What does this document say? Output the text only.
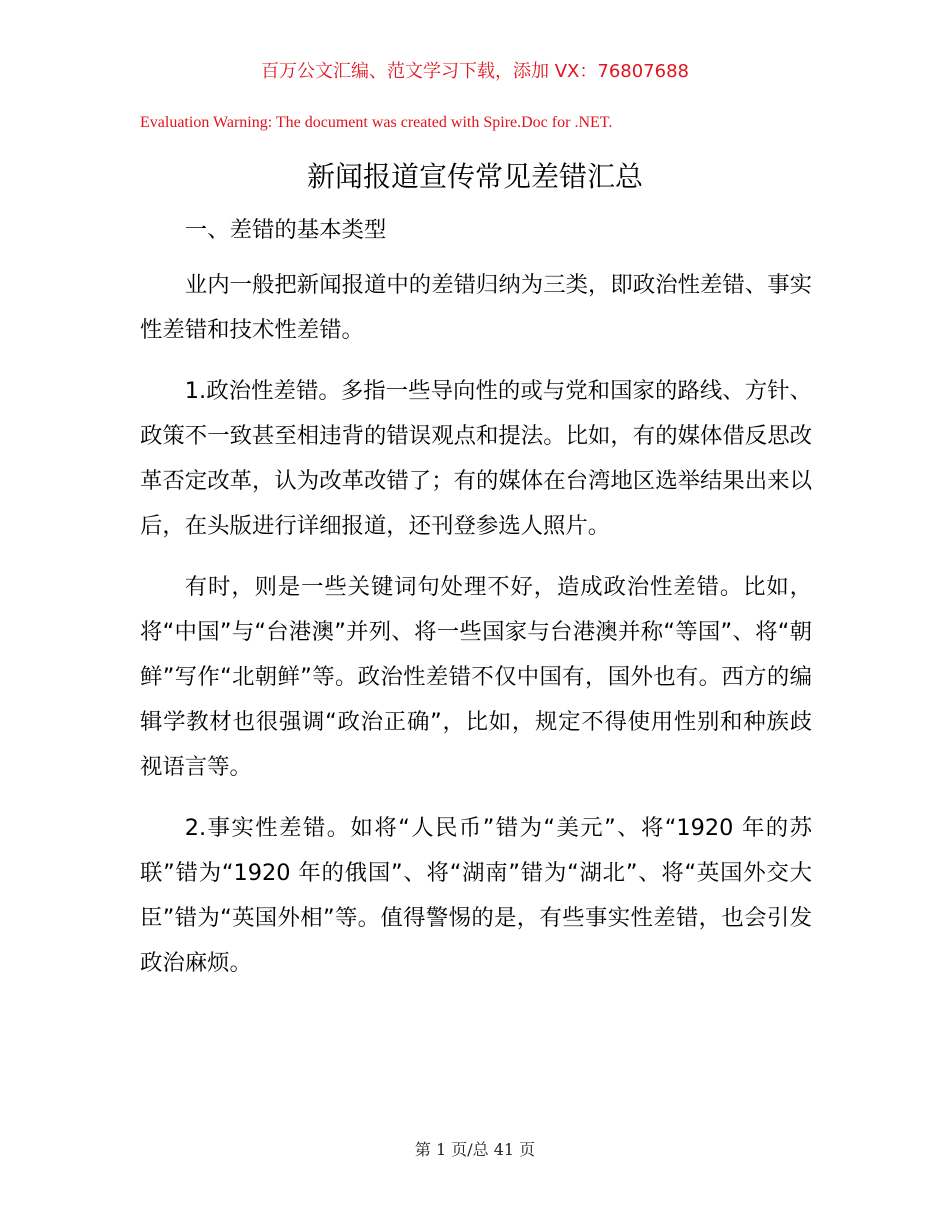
百万公文汇编、范文学习下载，添加 VX：76807688
Evaluation Warning: The document was created with Spire.Doc for .NET.
新闻报道宣传常见差错汇总

一、差错的基本类型

业内一般把新闻报道中的差错归纳为三类，即政治性差错、事实性差错和技术性差错。

1.政治性差错。多指一些导向性的或与党和国家的路线、方针、政策不一致甚至相违背的错误观点和提法。比如，有的媒体借反思改革否定改革，认为改革改错了；有的媒体在台湾地区选举结果出来以后，在头版进行详细报道，还刊登参选人照片。

有时，则是一些关键词句处理不好，造成政治性差错。比如，将“中国”与“台港澳”并列、将一些国家与台港澳并称“等国”、将“朝鲜”写作“北朝鲜”等。政治性差错不仅中国有，国外也有。西方的编辑学教材也很强调“政治正确”，比如，规定不得使用性别和种族歧视语言等。

2.事实性差错。如将“人民币”错为“美元”、将“1920 年的苏联”错为“1920 年的俄国”、将“湖南”错为“湖北”、将“英国外交大臣”错为“英国外相”等。值得警惕的是，有些事实性差错，也会引发政治麻烦。

第 1 页/总 41 页
